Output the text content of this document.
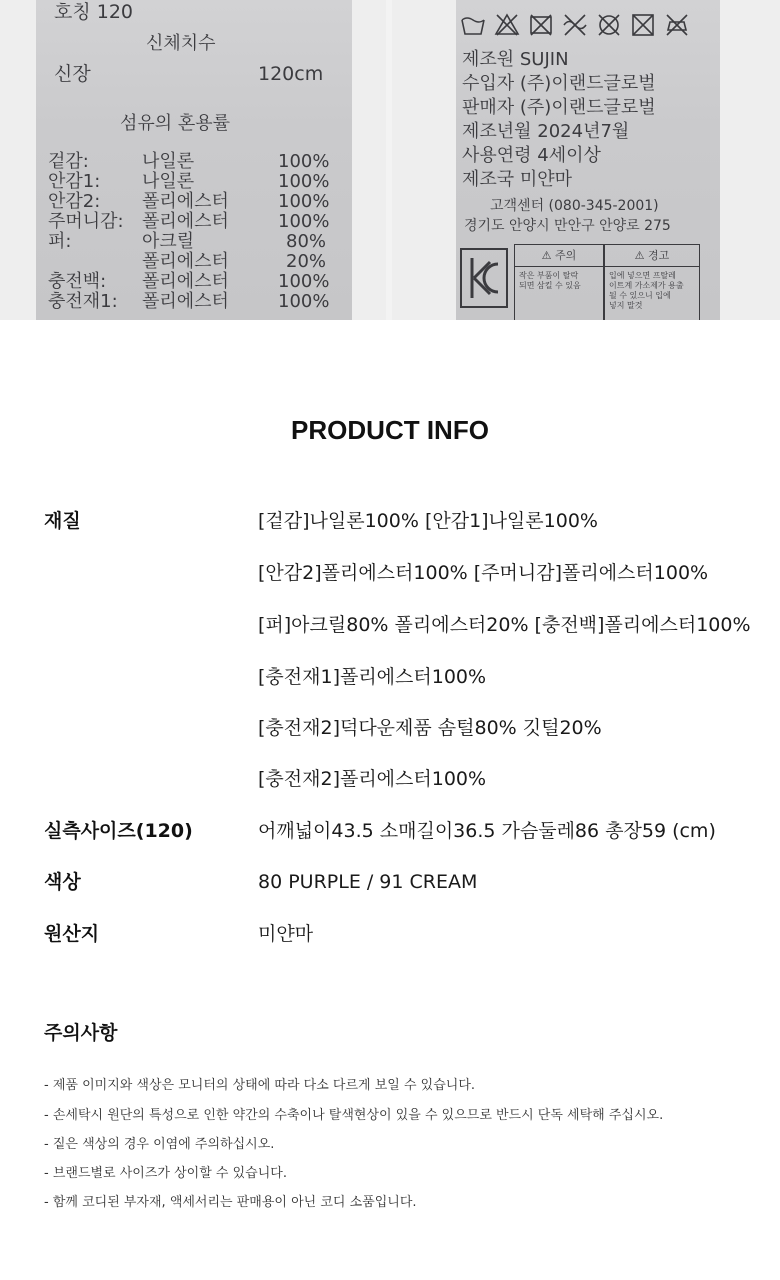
호칭 120
신체치수
신장	120cm
섬유의 혼용률
겉감:	나일론	100%
안감1: 나일론	100%
안감2: 폴리에스터	100%
주머니감: 폴리에스터	100%
퍼:	아크릴	80%
폴리에스터	20%
충전백: 폴리에스터	100%
충전재1: 폴리에스터	100%
제조원 SUJIN
수입자 (주)이랜드글로벌
판매자 (주)이랜드글로벌
제조년월 2024년7월
사용연령 4세이상
제조국 미얀마
고객센터 (080-345-2001)
경기도 안양시 만안구 안양로 275
⚠ 주의
작은 부품이 탈락
되면 삼킬 수 있음
⚠ 경고
입에 넣으면 프탈레
이트계 가소제가 용출
될 수 있으니 입에
넣지 말것
PRODUCT INFO
재질	[겉감]나일론100% [안감1]나일론100%
[안감2]폴리에스터100% [주머니감]폴리에스터100%
[퍼]아크릴80% 폴리에스터20% [충전백]폴리에스터100%
[충전재1]폴리에스터100%
[충전재2]덕다운제품 솜털80% 깃털20%
[충전재2]폴리에스터100%
실측사이즈(120)	어깨넓이43.5 소매길이36.5 가슴둘레86 총장59 (cm)
색상	80 PURPLE / 91 CREAM
원산지	미얀마
주의사항
- 제품 이미지와 색상은 모니터의 상태에 따라 다소 다르게 보일 수 있습니다.
- 손세탁시 원단의 특성으로 인한 약간의 수축이나 탈색현상이 있을 수 있으므로 반드시 단독 세탁해 주십시오.
- 짙은 색상의 경우 이염에 주의하십시오.
- 브랜드별로 사이즈가 상이할 수 있습니다.
- 함께 코디된 부자재, 액세서리는 판매용이 아닌 코디 소품입니다.
